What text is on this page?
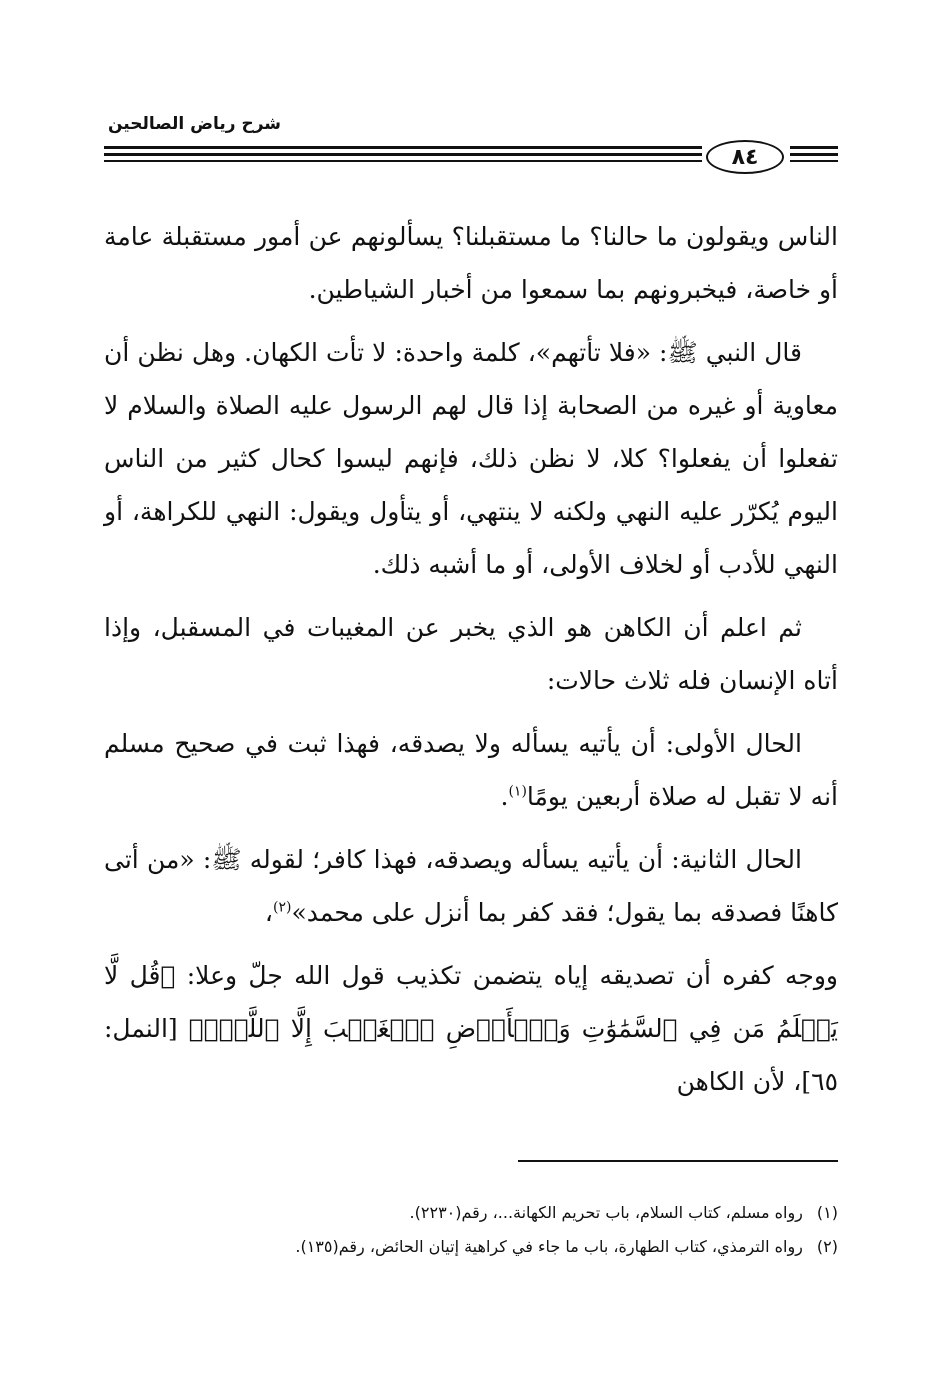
شرح رياض الصالحين
٨٤

الناس ويقولون ما حالنا؟ ما مستقبلنا؟ يسألونهم عن أمور مستقبلة عامة أو خاصة، فيخبرونهم بما سمعوا من أخبار الشياطين.

قال النبي ﷺ: «فلا تأتهم»، كلمة واحدة: لا تأت الكهان. وهل نظن أن معاوية أو غيره من الصحابة إذا قال لهم الرسول عليه الصلاة والسلام لا تفعلوا أن يفعلوا؟ كلا، لا نظن ذلك، فإنهم ليسوا كحال كثير من الناس اليوم يُكرّر عليه النهي ولكنه لا ينتهي، أو يتأول ويقول: النهي للكراهة، أو النهي للأدب أو لخلاف الأولى، أو ما أشبه ذلك.

ثم اعلم أن الكاهن هو الذي يخبر عن المغيبات في المسقبل، وإذا أتاه الإنسان فله ثلاث حالات:

الحال الأولى: أن يأتيه يسأله ولا يصدقه، فهذا ثبت في صحيح مسلم أنه لا تقبل له صلاة أربعين يومًا$^{(١)}$.

الحال الثانية: أن يأتيه يسأله ويصدقه، فهذا كافر؛ لقوله ﷺ: «من أتى كاهنًا فصدقه بما يقول؛ فقد كفر بما أنزل على محمد»$^{(٢)}$،

ووجه كفره أن تصديقه إياه يتضمن تكذيب قول الله جلّ وعلا: ﴿قُل لَّا يَعۡلَمُ مَن فِي ٱلسَّمَٰوَٰتِ وَٱلۡأَرۡضِ ٱلۡغَيۡبَ إِلَّا ٱللَّهُۚ﴾ [النمل: ٦٥]، لأن الكاهن

(١)رواه مسلم، كتاب السلام، باب تحريم الكهانة...، رقم(٢٢٣٠).
(٢)رواه الترمذي، كتاب الطهارة، باب ما جاء في كراهية إتيان الحائض، رقم(١٣٥).
